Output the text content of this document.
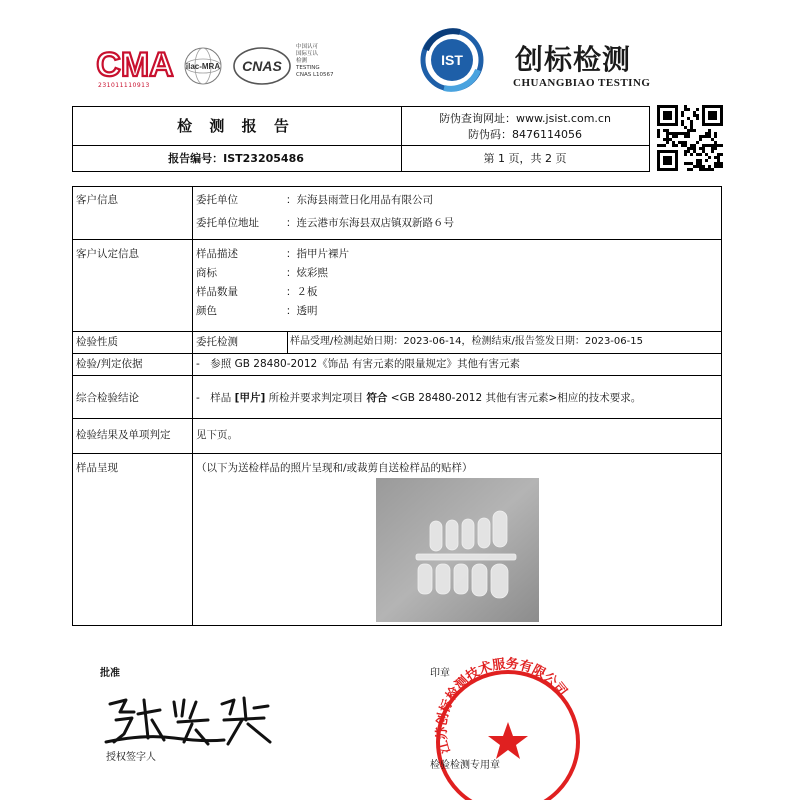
CMA
231011110913
ilac-MRA CNAS
中国认可
国际互认
检测
TESTING
CNAS L10567
IST 创标检测
CHUANGBIAO TESTING
检 测 报 告	防伪查询网址：www.jsist.com.cn
防伪码：8476114056
报告编号：IST23205486	第 1 页，共 2 页
客户信息	委托单位	：东海县雨萱日化用品有限公司
委托单位地址	：连云港市东海县双店镇双新路６号
客户认定信息	样品描述	：指甲片裸片
商标	：炫彩熙
样品数量	：２板
颜色	：透明
检验性质	委托检测	样品受理/检测起始日期：2023-06-14，检测结束/报告签发日期：2023-06-15
检验/判定依据	-　参照 GB 28480-2012《饰品 有害元素的限量规定》其他有害元素
综合检验结论	-　样品 [甲片] 所检并要求判定项目 符合 <GB 28480-2012 其他有害元素>相应的技术要求。
检验结果及单项判定 见下页。
样品呈现	（以下为送检样品的照片呈现和/或裁剪自送检样品的贴样）
批准
授权签字人
印章
江苏创标检测技术服务有限公司
检验检测专用章
